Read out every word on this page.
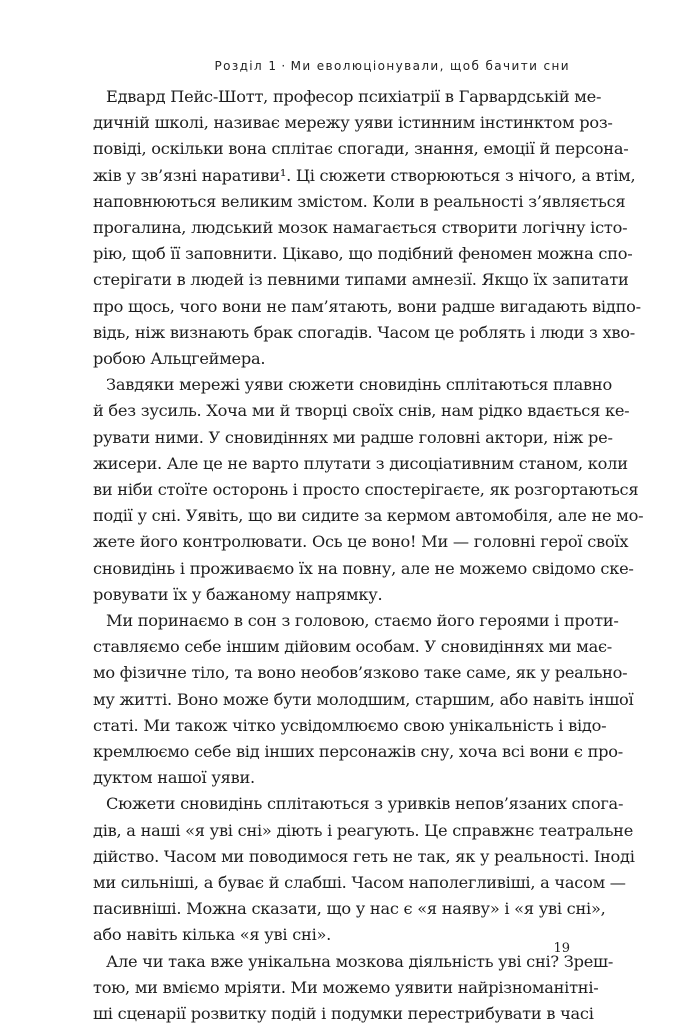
Розділ 1 · Ми еволюціонували, щоб бачити сни
Едвард Пейс-Шотт, професор психіатрії в Гарвардській ме-
дичній школі, називає мережу уяви істинним інстинктом роз-
повіді, оскільки вона сплітає спогади, знання, емоції й персона-
жів у зв’язні наративи¹. Ці сюжети створюються з нічого, а втім,
наповнюються великим змістом. Коли в реальності з’являється
прогалина, людський мозок намагається створити логічну істо-
рію, щоб її заповнити. Цікаво, що подібний феномен можна спо-
стерігати в людей із певними типами амнезії. Якщо їх запитати
про щось, чого вони не пам’ятають, вони радше вигадають відпо-
відь, ніж визнають брак спогадів. Часом це роблять і люди з хво-
робою Альцгеймера.
Завдяки мережі уяви сюжети сновидінь сплітаються плавно
й без зусиль. Хоча ми й творці своїх снів, нам рідко вдається ке-
рувати ними. У сновидіннях ми радше головні актори, ніж ре-
жисери. Але це не варто плутати з дисоціативним станом, коли
ви ніби стоїте осторонь і просто спостерігаєте, як розгортаються
події у сні. Уявіть, що ви сидите за кермом автомобіля, але не мо-
жете його контролювати. Ось це воно! Ми — головні герої своїх
сновидінь і проживаємо їх на повну, але не можемо свідомо ске-
ровувати їх у бажаному напрямку.
Ми поринаємо в сон з головою, стаємо його героями і проти-
ставляємо себе іншим дійовим особам. У сновидіннях ми має-
мо фізичне тіло, та воно необов’язково таке саме, як у реально-
му житті. Воно може бути молодшим, старшим, або навіть іншої
статі. Ми також чітко усвідомлюємо свою унікальність і відо-
кремлюємо себе від інших персонажів сну, хоча всі вони є про-
дуктом нашої уяви.
Сюжети сновидінь сплітаються з уривків непов’язаних спога-
дів, а наші «я уві сні» діють і реагують. Це справжнє театральне
дійство. Часом ми поводимося геть не так, як у реальності. Іноді
ми сильніші, а буває й слабші. Часом наполегливіші, а часом —
пасивніші. Можна сказати, що у нас є «я наяву» і «я уві сні»,
або навіть кілька «я уві сні».
Але чи така вже унікальна мозкова діяльність уві сні? Зреш-
тою, ми вміємо мріяти. Ми можемо уявити найрізноманітні-
ші сценарії розвитку подій і подумки перестрибувати в часі
19
